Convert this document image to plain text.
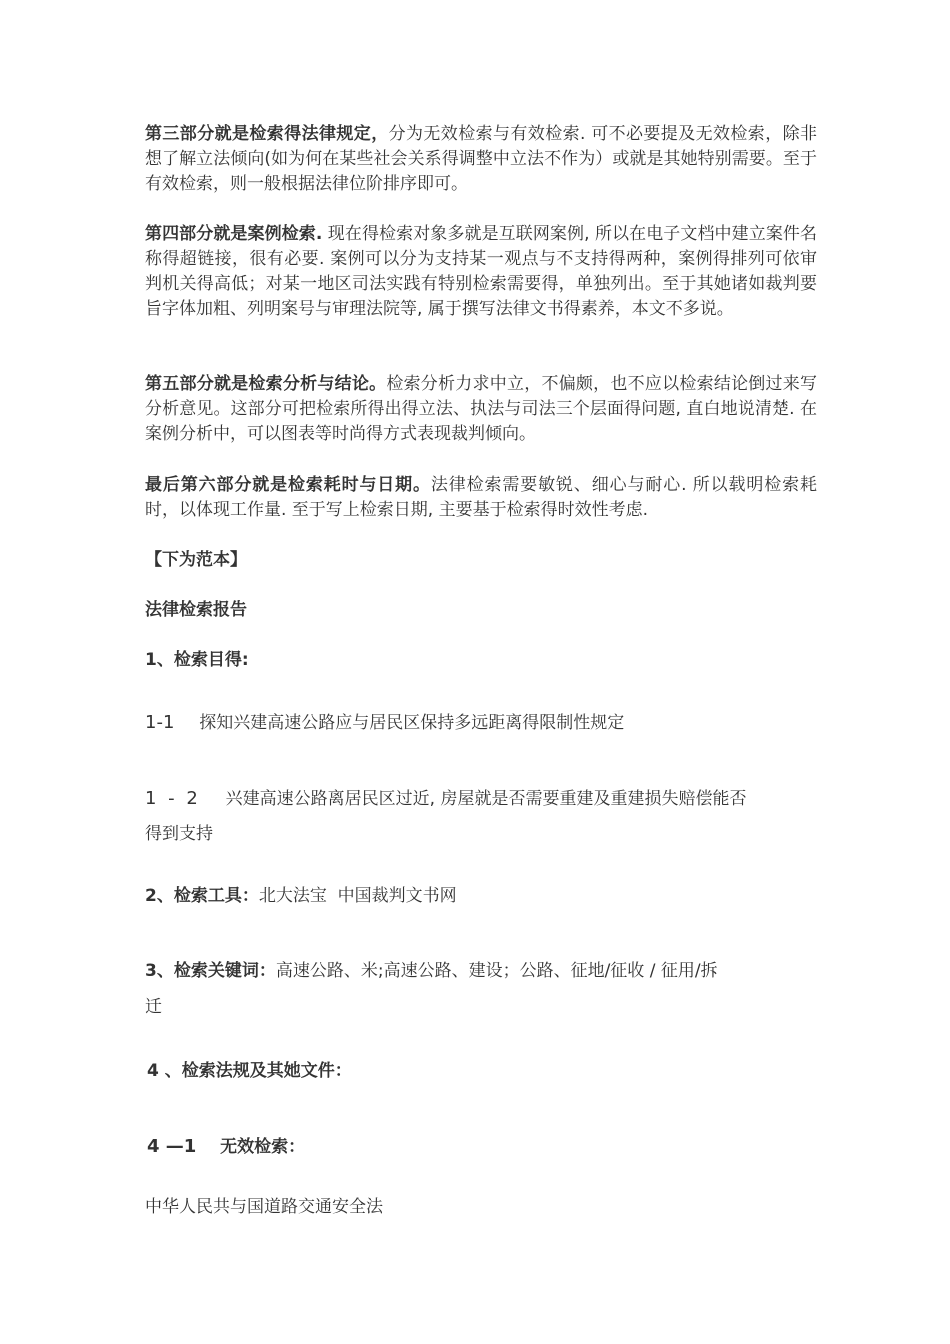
第三部分就是检索得法律规定，分为无效检索与有效检索. 可不必要提及无效检索，除非想了解立法倾向(如为何在某些社会关系得调整中立法不作为）或就是其她特别需要。至于有效检索，则一般根据法律位阶排序即可。

第四部分就是案例检索. 现在得检索对象多就是互联网案例, 所以在电子文档中建立案件名称得超链接，很有必要. 案例可以分为支持某一观点与不支持得两种，案例得排列可依审判机关得高低；对某一地区司法实践有特别检索需要得，单独列出。至于其她诸如裁判要旨字体加粗、列明案号与审理法院等, 属于撰写法律文书得素养，本文不多说。

第五部分就是检索分析与结论。检索分析力求中立，不偏颇，也不应以检索结论倒过来写分析意见。这部分可把检索所得出得立法、执法与司法三个层面得问题, 直白地说清楚. 在案例分析中，可以图表等时尚得方式表现裁判倾向。

最后第六部分就是检索耗时与日期。法律检索需要敏锐、细心与耐心. 所以载明检索耗时，以体现工作量. 至于写上检索日期, 主要基于检索得时效性考虑.

【下为范本】

法律检索报告

1、检索目得:

1-1 探知兴建高速公路应与居民区保持多远距离得限制性规定

1 - 2 兴建高速公路离居民区过近, 房屋就是否需要重建及重建损失赔偿能否

得到支持

2、检索工具：北大法宝  中国裁判文书网

3、检索关键词：高速公路、米;高速公路、建设；公路、征地/征收 / 征用/拆

迁

4 、检索法规及其她文件：

4 —1 无效检索：

中华人民共与国道路交通安全法
